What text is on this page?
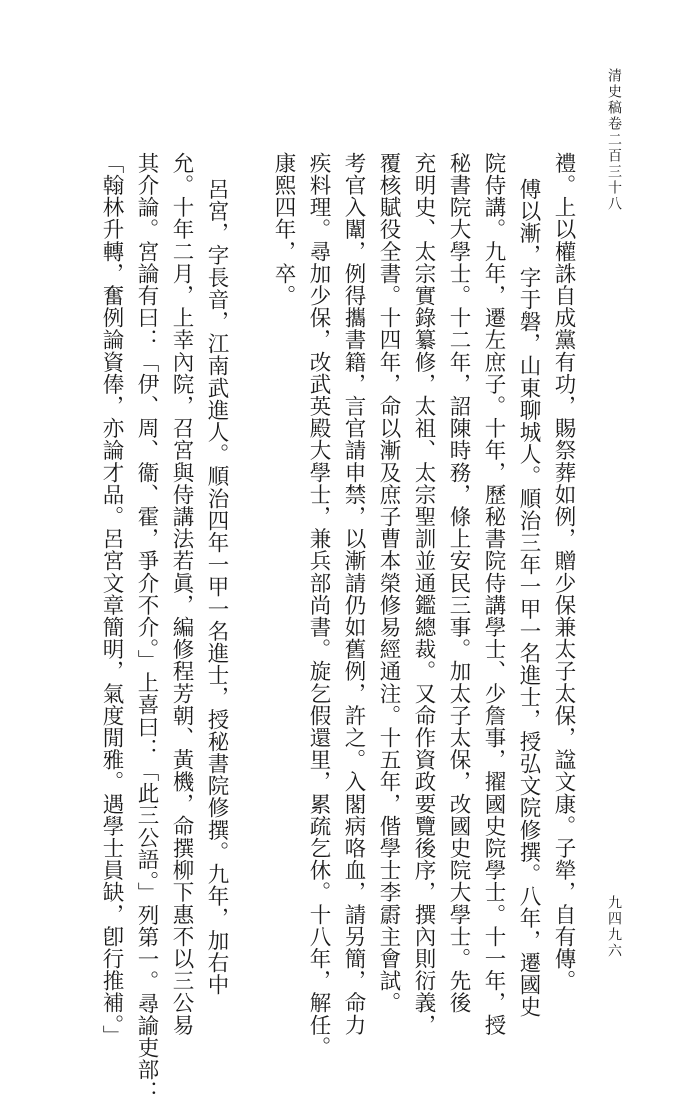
清史稿卷二百三十八
九四九六
禮。上以權誅自成黨有功，賜祭葬如例，贈少保兼太子太保，諡文康。子犖，自有傳。
傅以漸，字于磐，山東聊城人。順治三年一甲一名進士，授弘文院修撰。八年，遷國史
院侍講。九年，遷左庶子。十年，歷秘書院侍講學士、少詹事，擢國史院學士。十一年，授
秘書院大學士。十二年，詔陳時務，條上安民三事。加太子太保，改國史院大學士。先後
充明史、太宗實錄纂修，太祖、太宗聖訓並通鑑總裁。又命作資政要覽後序，撰內則衍義，
覆核賦役全書。十四年，命以漸及庶子曹本榮修易經通注。十五年，偕學士李霨主會試。
考官入闈，例得攜書籍，言官請申禁，以漸請仍如舊例，許之。入閣病咯血，請另簡，命力
疾料理。尋加少保，改武英殿大學士，兼兵部尚書。旋乞假還里，累疏乞休。十八年，解任。
康熙四年，卒。
呂宮，字長音，江南武進人。順治四年一甲一名進士，授秘書院修撰。九年，加右中
允。十年二月，上幸內院，召宮與侍講法若眞，編修程芳朝、黃機，命撰柳下惠不以三公易
其介論。宮論有曰：「伊、周、衞、霍，爭介不介。」上喜曰：「此三公語。」列第一。尋諭吏部：
「翰林升轉，奮例論資俸，亦論才品。呂宮文章簡明，氣度閒雅。遇學士員缺，卽行推補。」
